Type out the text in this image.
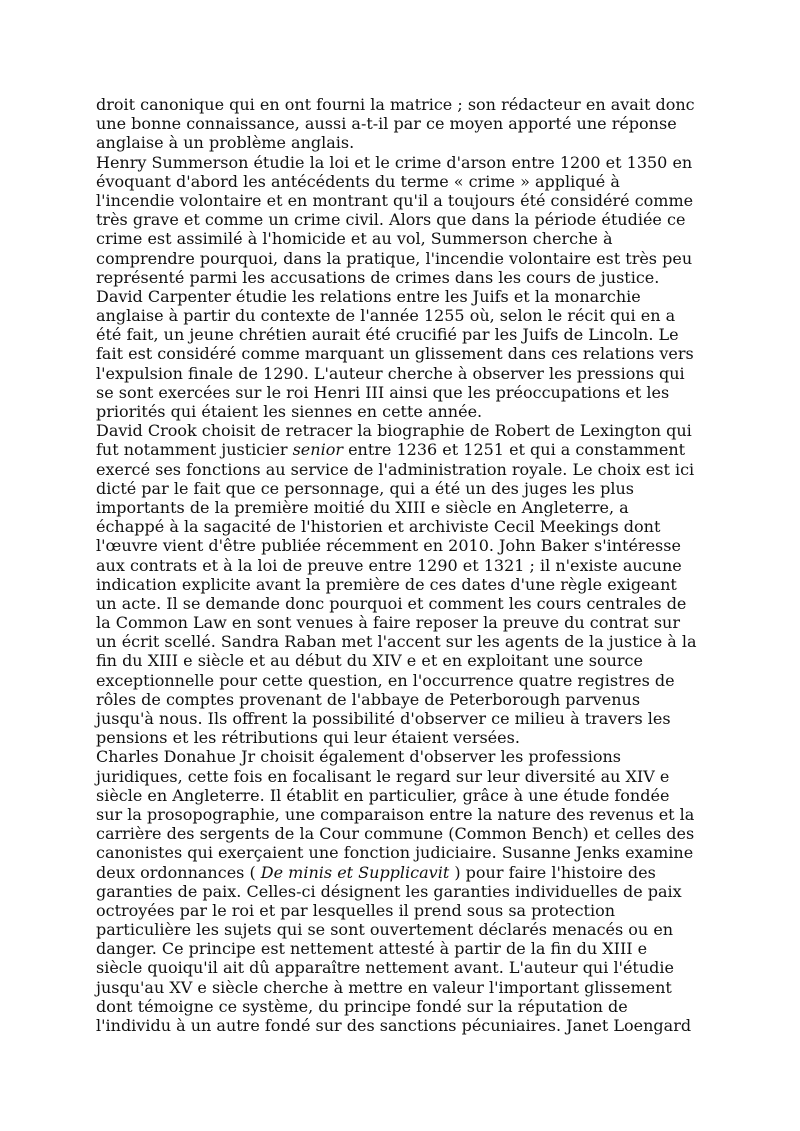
droit canonique qui en ont fourni la matrice ; son rédacteur en avait donc
une bonne connaissance, aussi a-t-il par ce moyen apporté une réponse
anglaise à un problème anglais.
Henry Summerson étudie la loi et le crime d'arson entre 1200 et 1350 en
évoquant d'abord les antécédents du terme « crime » appliqué à
l'incendie volontaire et en montrant qu'il a toujours été considéré comme
très grave et comme un crime civil. Alors que dans la période étudiée ce
crime est assimilé à l'homicide et au vol, Summerson cherche à
comprendre pourquoi, dans la pratique, l'incendie volontaire est très peu
représenté parmi les accusations de crimes dans les cours de justice.
David Carpenter étudie les relations entre les Juifs et la monarchie
anglaise à partir du contexte de l'année 1255 où, selon le récit qui en a
été fait, un jeune chrétien aurait été crucifié par les Juifs de Lincoln. Le
fait est considéré comme marquant un glissement dans ces relations vers
l'expulsion finale de 1290. L'auteur cherche à observer les pressions qui
se sont exercées sur le roi Henri III ainsi que les préoccupations et les
priorités qui étaient les siennes en cette année.
David Crook choisit de retracer la biographie de Robert de Lexington qui
fut notamment justicier senior entre 1236 et 1251 et qui a constamment
exercé ses fonctions au service de l'administration royale. Le choix est ici
dicté par le fait que ce personnage, qui a été un des juges les plus
importants de la première moitié du XIII e siècle en Angleterre, a
échappé à la sagacité de l'historien et archiviste Cecil Meekings dont
l'œuvre vient d'être publiée récemment en 2010. John Baker s'intéresse
aux contrats et à la loi de preuve entre 1290 et 1321 ; il n'existe aucune
indication explicite avant la première de ces dates d'une règle exigeant
un acte. Il se demande donc pourquoi et comment les cours centrales de
la Common Law en sont venues à faire reposer la preuve du contrat sur
un écrit scellé. Sandra Raban met l'accent sur les agents de la justice à la
fin du XIII e siècle et au début du XIV e et en exploitant une source
exceptionnelle pour cette question, en l'occurrence quatre registres de
rôles de comptes provenant de l'abbaye de Peterborough parvenus
jusqu'à nous. Ils offrent la possibilité d'observer ce milieu à travers les
pensions et les rétributions qui leur étaient versées.
Charles Donahue Jr choisit également d'observer les professions
juridiques, cette fois en focalisant le regard sur leur diversité au XIV e
siècle en Angleterre. Il établit en particulier, grâce à une étude fondée
sur la prosopographie, une comparaison entre la nature des revenus et la
carrière des sergents de la Cour commune (Common Bench) et celles des
canonistes qui exerçaient une fonction judiciaire. Susanne Jenks examine
deux ordonnances ( De minis et Supplicavit ) pour faire l'histoire des
garanties de paix. Celles-ci désignent les garanties individuelles de paix
octroyées par le roi et par lesquelles il prend sous sa protection
particulière les sujets qui se sont ouvertement déclarés menacés ou en
danger. Ce principe est nettement attesté à partir de la fin du XIII e
siècle quoiqu'il ait dû apparaître nettement avant. L'auteur qui l'étudie
jusqu'au XV e siècle cherche à mettre en valeur l'important glissement
dont témoigne ce système, du principe fondé sur la réputation de
l'individu à un autre fondé sur des sanctions pécuniaires. Janet Loengard
